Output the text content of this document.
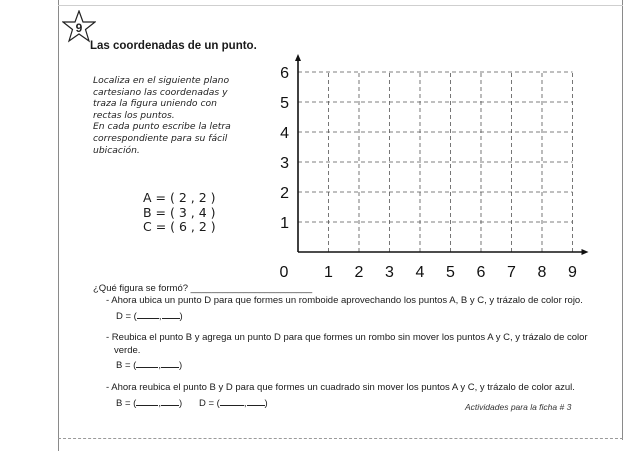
9
Las coordenadas de un punto.
Localiza en el siguiente plano
cartesiano las coordenadas y
traza la figura uniendo con
rectas los puntos.
En cada punto escribe la letra
correspondiente para su fácil
ubicación.
A = ( 2 , 2 )
B = ( 3 , 4 )
C = ( 6 , 2 )	1
2
3
4
5
6
1 2 3 4 5 6 7 8 9
0
¿Qué figura se formó? _______________________
- Ahora ubica un punto D para que formes un romboide aprovechando los puntos A, B y C, y trázalo de color rojo.
D = ( , )
- Reubica el punto B y agrega un punto D para que formes un rombo sin mover los puntos A y C, y trázalo de color
verde.
B = ( , )
- Ahora reubica el punto B y D para que formes un cuadrado sin mover los puntos A y C, y trázalo de color azul.
B = ( , ) D = (	, )	Actividades para la ficha # 3
